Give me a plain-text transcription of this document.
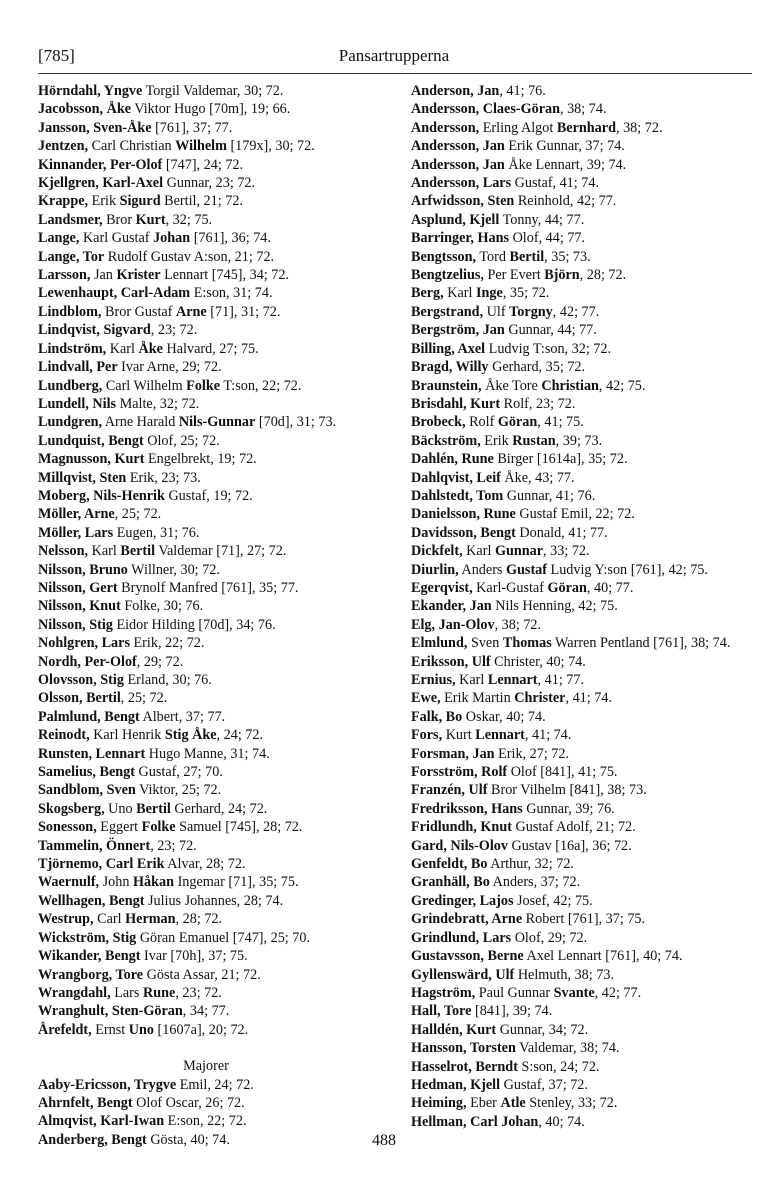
[785]	Pansartrupperna
Hörndahl, Yngve Torgil Valdemar, 30; 72.
Jacobsson, Åke Viktor Hugo [70m], 19; 66.
Jansson, Sven-Åke [761], 37; 77.
Jentzen, Carl Christian Wilhelm [179x], 30; 72.
Kinnander, Per-Olof [747], 24; 72.
Kjellgren, Karl-Axel Gunnar, 23; 72.
Krappe, Erik Sigurd Bertil, 21; 72.
Landsmer, Bror Kurt, 32; 75.
Lange, Karl Gustaf Johan [761], 36; 74.
Lange, Tor Rudolf Gustav A:son, 21; 72.
Larsson, Jan Krister Lennart [745], 34; 72.
Lewenhaupt, Carl-Adam E:son, 31; 74.
Lindblom, Bror Gustaf Arne [71], 31; 72.
Lindqvist, Sigvard, 23; 72.
Lindström, Karl Åke Halvard, 27; 75.
Lindvall, Per Ivar Arne, 29; 72.
Lundberg, Carl Wilhelm Folke T:son, 22; 72.
Lundell, Nils Malte, 32; 72.
Lundgren, Arne Harald Nils-Gunnar [70d], 31; 73.
Lundquist, Bengt Olof, 25; 72.
Magnusson, Kurt Engelbrekt, 19; 72.
Millqvist, Sten Erik, 23; 73.
Moberg, Nils-Henrik Gustaf, 19; 72.
Möller, Arne, 25; 72.
Möller, Lars Eugen, 31; 76.
Nelsson, Karl Bertil Valdemar [71], 27; 72.
Nilsson, Bruno Willner, 30; 72.
Nilsson, Gert Brynolf Manfred [761], 35; 77.
Nilsson, Knut Folke, 30; 76.
Nilsson, Stig Eidor Hilding [70d], 34; 76.
Nohlgren, Lars Erik, 22; 72.
Nordh, Per-Olof, 29; 72.
Olovsson, Stig Erland, 30; 76.
Olsson, Bertil, 25; 72.
Palmlund, Bengt Albert, 37; 77.
Reinodt, Karl Henrik Stig Åke, 24; 72.
Runsten, Lennart Hugo Manne, 31; 74.
Samelius, Bengt Gustaf, 27; 70.
Sandblom, Sven Viktor, 25; 72.
Skogsberg, Uno Bertil Gerhard, 24; 72.
Sonesson, Eggert Folke Samuel [745], 28; 72.
Tammelin, Önnert, 23; 72.
Tjörnemo, Carl Erik Alvar, 28; 72.
Waernulf, John Håkan Ingemar [71], 35; 75.
Wellhagen, Bengt Julius Johannes, 28; 74.
Westrup, Carl Herman, 28; 72.
Wickström, Stig Göran Emanuel [747], 25; 70.
Wikander, Bengt Ivar [70h], 37; 75.
Wrangborg, Tore Gösta Assar, 21; 72.
Wrangdahl, Lars Rune, 23; 72.
Wranghult, Sten-Göran, 34; 77.
Årefeldt, Ernst Uno [1607a], 20; 72.
Majorer
Aaby-Ericsson, Trygve Emil, 24; 72.
Ahrnfelt, Bengt Olof Oscar, 26; 72.
Almqvist, Karl-Iwan E:son, 22; 72.
Anderberg, Bengt Gösta, 40; 74.
Anderson, Jan, 41; 76.
Andersson, Claes-Göran, 38; 74.
Andersson, Erling Algot Bernhard, 38; 72.
Andersson, Jan Erik Gunnar, 37; 74.
Andersson, Jan Åke Lennart, 39; 74.
Andersson, Lars Gustaf, 41; 74.
Arfwidsson, Sten Reinhold, 42; 77.
Asplund, Kjell Tonny, 44; 77.
Barringer, Hans Olof, 44; 77.
Bengtsson, Tord Bertil, 35; 73.
Bengtzelius, Per Evert Björn, 28; 72.
Berg, Karl Inge, 35; 72.
Bergstrand, Ulf Torgny, 42; 77.
Bergström, Jan Gunnar, 44; 77.
Billing, Axel Ludvig T:son, 32; 72.
Bragd, Willy Gerhard, 35; 72.
Braunstein, Åke Tore Christian, 42; 75.
Brisdahl, Kurt Rolf, 23; 72.
Brobeck, Rolf Göran, 41; 75.
Bäckström, Erik Rustan, 39; 73.
Dahlén, Rune Birger [1614a], 35; 72.
Dahlqvist, Leif Åke, 43; 77.
Dahlstedt, Tom Gunnar, 41; 76.
Danielsson, Rune Gustaf Emil, 22; 72.
Davidsson, Bengt Donald, 41; 77.
Dickfelt, Karl Gunnar, 33; 72.
Diurlin, Anders Gustaf Ludvig Y:son [761], 42; 75.
Egerqvist, Karl-Gustaf Göran, 40; 77.
Ekander, Jan Nils Henning, 42; 75.
Elg, Jan-Olov, 38; 72.
Elmlund, Sven Thomas Warren Pentland [761], 38; 74.
Eriksson, Ulf Christer, 40; 74.
Ernius, Karl Lennart, 41; 77.
Ewe, Erik Martin Christer, 41; 74.
Falk, Bo Oskar, 40; 74.
Fors, Kurt Lennart, 41; 74.
Forsman, Jan Erik, 27; 72.
Forsström, Rolf Olof [841], 41; 75.
Franzén, Ulf Bror Vilhelm [841], 38; 73.
Fredriksson, Hans Gunnar, 39; 76.
Fridlundh, Knut Gustaf Adolf, 21; 72.
Gard, Nils-Olov Gustav [16a], 36; 72.
Genfeldt, Bo Arthur, 32; 72.
Granhäll, Bo Anders, 37; 72.
Gredinger, Lajos Josef, 42; 75.
Grindebratt, Arne Robert [761], 37; 75.
Grindlund, Lars Olof, 29; 72.
Gustavsson, Berne Axel Lennart [761], 40; 74.
Gyllenswärd, Ulf Helmuth, 38; 73.
Hagström, Paul Gunnar Svante, 42; 77.
Hall, Tore [841], 39; 74.
Halldén, Kurt Gunnar, 34; 72.
Hansson, Torsten Valdemar, 38; 74.
Hasselrot, Berndt S:son, 24; 72.
Hedman, Kjell Gustaf, 37; 72.
Heiming, Eber Atle Stenley, 33; 72.
Hellman, Carl Johan, 40; 74.
488
